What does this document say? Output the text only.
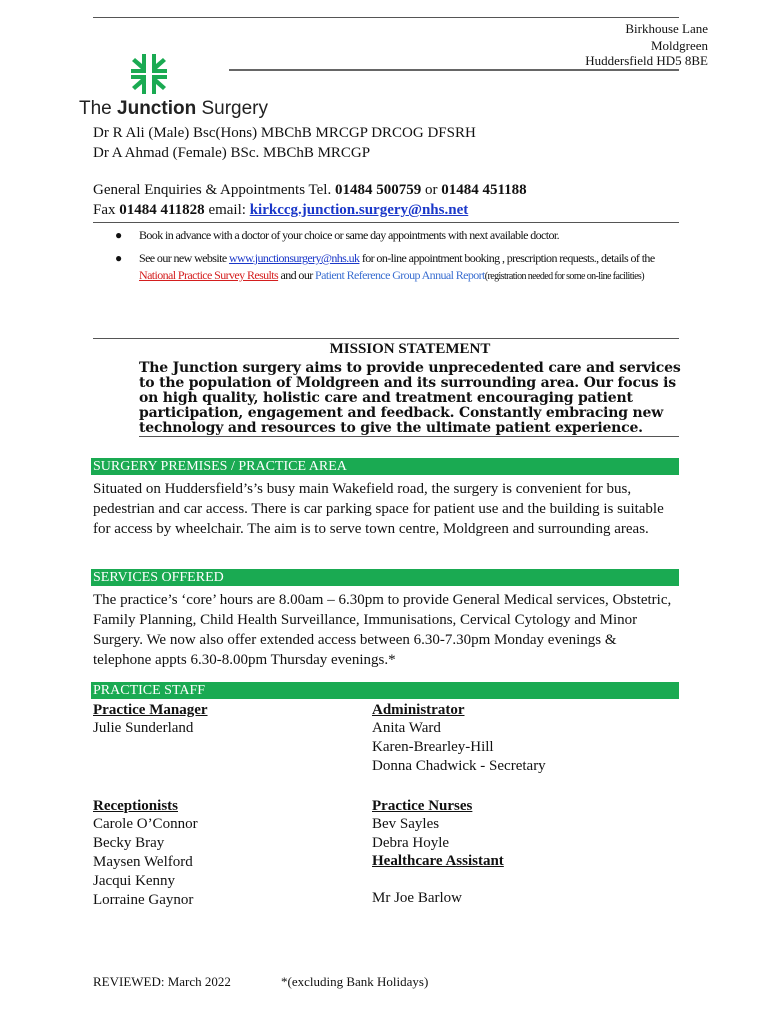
Birkhouse Lane
Moldgreen
Huddersfield HD5 8BE
The Junction Surgery
Dr R Ali (Male) Bsc(Hons) MBChB MRCGP DRCOG DFSRH
Dr A Ahmad (Female) BSc. MBChB MRCGP
General Enquiries & Appointments Tel. 01484 500759 or 01484 451188
Fax 01484 411828 email: kirkccg.junction.surgery@nhs.net
● Book in advance with a doctor of your choice or same day appointments with next available doctor.
● See our new website www.junctionsurgery@nhs.uk for on-line appointment booking , prescription requests., details of the National Practice Survey Results and our Patient Reference Group Annual Report(registration needed for some on-line facilities)
MISSION STATEMENT
The Junction surgery aims to provide unprecedented care and services to the population of Moldgreen and its surrounding area. Our focus is on high quality, holistic care and treatment encouraging patient participation, engagement and feedback. Constantly embracing new technology and resources to give the ultimate patient experience.
SURGERY PREMISES / PRACTICE AREA
Situated on Huddersfield’s’s busy main Wakefield road, the surgery is convenient for bus, pedestrian and car access. There is car parking space for patient use and the building is suitable for access by wheelchair. The aim is to serve town centre, Moldgreen and surrounding areas.
SERVICES OFFERED
The practice’s ‘core’ hours are 8.00am – 6.30pm to provide General Medical services, Obstetric, Family Planning, Child Health Surveillance, Immunisations, Cervical Cytology and Minor Surgery. We now also offer extended access between 6.30-7.30pm Monday evenings & telephone appts 6.30-8.00pm Thursday evenings.*
PRACTICE STAFF
Practice Manager
Julie Sunderland
Administrator
Anita Ward
Karen-Brearley-Hill
Donna Chadwick - Secretary
Receptionists
Carole O’Connor
Becky Bray
Maysen Welford
Jacqui Kenny
Lorraine Gaynor
Practice Nurses
Bev Sayles
Debra Hoyle
Healthcare Assistant
Mr Joe Barlow
REVIEWED: March 2022	*(excluding Bank Holidays)
